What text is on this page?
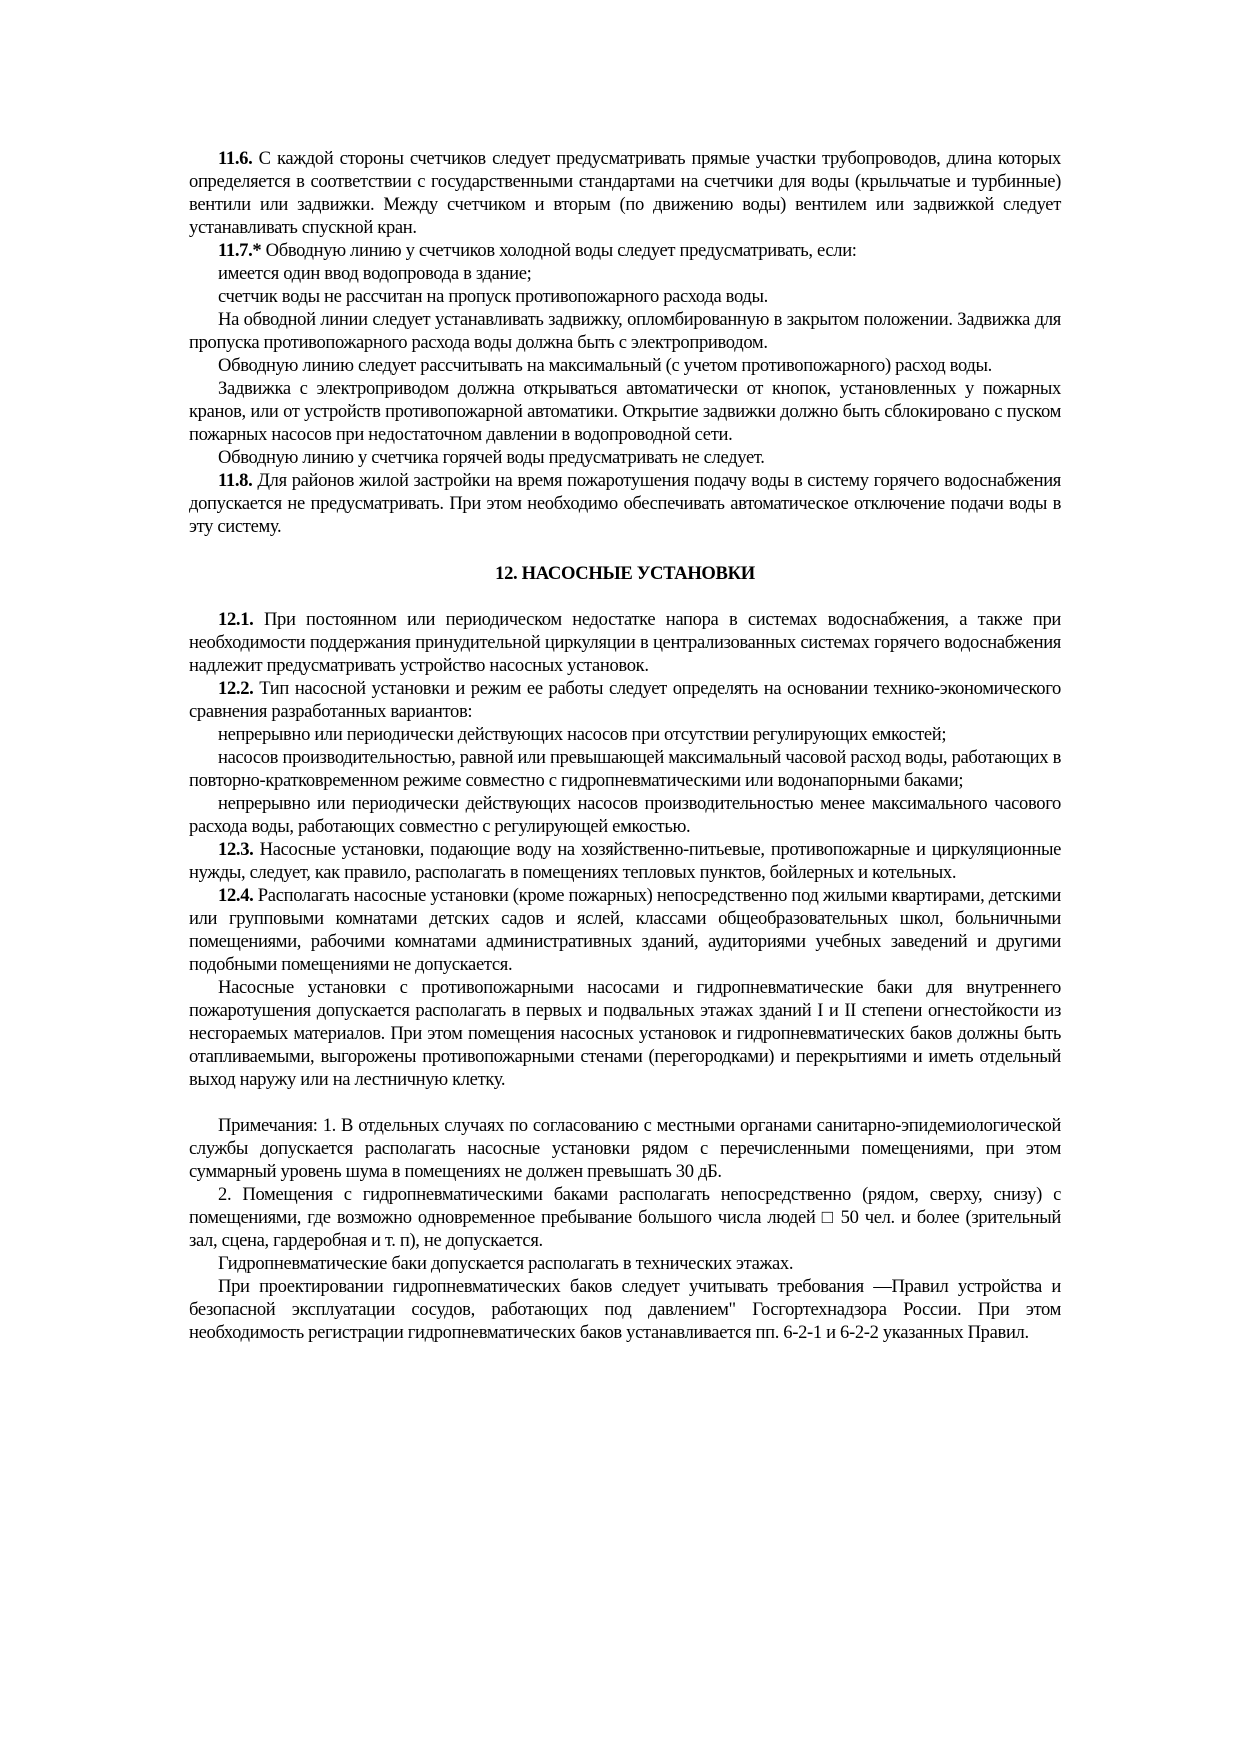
11.6. С каждой стороны счетчиков следует предусматривать прямые участки трубопроводов, длина которых определяется в соответствии с государственными стандартами на счетчики для воды (крыльчатые и турбинные) вентили или задвижки. Между счетчиком и вторым (по движению воды) вентилем или задвижкой следует устанавливать спускной кран.

11.7.* Обводную линию у счетчиков холодной воды следует предусматривать, если:

имеется один ввод водопровода в здание;

счетчик воды не рассчитан на пропуск противопожарного расхода воды.

На обводной линии следует устанавливать задвижку, опломбированную в закрытом положении. Задвижка для пропуска противопожарного расхода воды должна быть с электроприводом.

Обводную линию следует рассчитывать на максимальный (с учетом противопожарного) расход воды.

Задвижка с электроприводом должна открываться автоматически от кнопок, установленных у пожарных кранов, или от устройств противопожарной автоматики. Открытие задвижки должно быть сблокировано с пуском пожарных насосов при недостаточном давлении в водопроводной сети.

Обводную линию у счетчика горячей воды предусматривать не следует.

11.8. Для районов жилой застройки на время пожаротушения подачу воды в систему горячего водоснабжения допускается не предусматривать. При этом необходимо обеспечивать автоматическое отключение подачи воды в эту систему.

12. НАСОСНЫЕ УСТАНОВКИ

12.1. При постоянном или периодическом недостатке напора в системах водоснабжения, а также при необходимости поддержания принудительной циркуляции в централизованных системах горячего водоснабжения надлежит предусматривать устройство насосных установок.

12.2. Тип насосной установки и режим ее работы следует определять на основании технико-экономического сравнения разработанных вариантов:

непрерывно или периодически действующих насосов при отсутствии регулирующих емкостей;

насосов производительностью, равной или превышающей максимальный часовой расход воды, работающих в повторно-кратковременном режиме совместно с гидропневматическими или водонапорными баками;

непрерывно или периодически действующих насосов производительностью менее максимального часового расхода воды, работающих совместно с регулирующей емкостью.

12.3. Насосные установки, подающие воду на хозяйственно-питьевые, противопожарные и циркуляционные нужды, следует, как правило, располагать в помещениях тепловых пунктов, бойлерных и котельных.

12.4. Располагать насосные установки (кроме пожарных) непосредственно под жилыми квартирами, детскими или групповыми комнатами детских садов и яслей, классами общеобразовательных школ, больничными помещениями, рабочими комнатами административных зданий, аудиториями учебных заведений и другими подобными помещениями не допускается.

Насосные установки с противопожарными насосами и гидропневматические баки для внутреннего пожаротушения допускается располагать в первых и подвальных этажах зданий I и II степени огнестойкости из несгораемых материалов. При этом помещения насосных установок и гидропневматических баков должны быть отапливаемыми, выгорожены противопожарными стенами (перегородками) и перекрытиями и иметь отдельный выход наружу или на лестничную клетку.

Примечания: 1. В отдельных случаях по согласованию с местными органами санитарно-эпидемиологической службы допускается располагать насосные установки рядом с перечисленными помещениями, при этом суммарный уровень шума в помещениях не должен превышать 30 дБ.

2. Помещения с гидропневматическими баками располагать непосредственно (рядом, сверху, снизу) с помещениями, где возможно одновременное пребывание большого числа людей □ 50 чел. и более (зрительный зал, сцена, гардеробная и т. п), не допускается.

Гидропневматические баки допускается располагать в технических этажах.

При проектировании гидропневматических баков следует учитывать требования —Правил устройства и безопасной эксплуатации сосудов, работающих под давлением" Госгортехнадзора России. При этом необходимость регистрации гидропневматических баков устанавливается пп. 6-2-1 и 6-2-2 указанных Правил.
